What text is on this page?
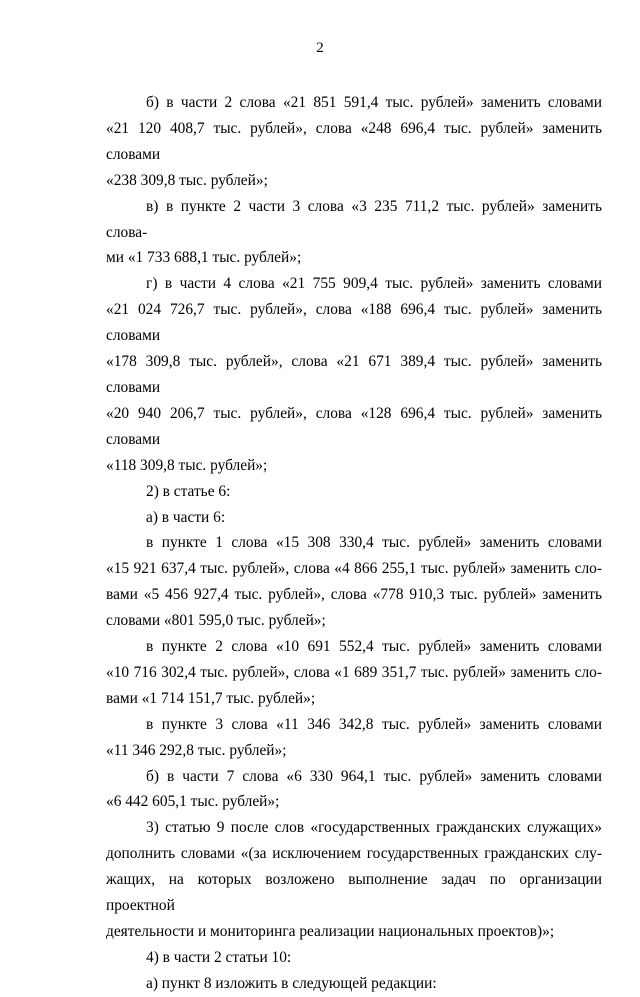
2

б) в части 2 слова «21 851 591,4 тыс. рублей» заменить словами
«21 120 408,7 тыс. рублей», слова «248 696,4 тыс. рублей» заменить словами
«238 309,8 тыс. рублей»;

в) в пункте 2 части 3 слова «3 235 711,2 тыс. рублей» заменить слова-
ми «1 733 688,1 тыс. рублей»;

г) в части 4 слова «21 755 909,4 тыс. рублей» заменить словами
«21 024 726,7 тыс. рублей», слова «188 696,4 тыс. рублей» заменить словами
«178 309,8 тыс. рублей», слова «21 671 389,4 тыс. рублей» заменить словами
«20 940 206,7 тыс. рублей», слова «128 696,4 тыс. рублей» заменить словами
«118 309,8 тыс. рублей»;

2) в статье 6:

а) в части 6:

в пункте 1 слова «15 308 330,4 тыс. рублей» заменить словами
«15 921 637,4 тыс. рублей», слова «4 866 255,1 тыс. рублей» заменить сло-
вами «5 456 927,4 тыс. рублей», слова «778 910,3 тыс. рублей» заменить
словами «801 595,0 тыс. рублей»;

в пункте 2 слова «10 691 552,4 тыс. рублей» заменить словами
«10 716 302,4 тыс. рублей», слова «1 689 351,7 тыс. рублей» заменить сло-
вами «1 714 151,7 тыс. рублей»;

в пункте 3 слова «11 346 342,8 тыс. рублей» заменить словами
«11 346 292,8 тыс. рублей»;

б) в части 7 слова «6 330 964,1 тыс. рублей» заменить словами
«6 442 605,1 тыс. рублей»;

3) статью 9 после слов «государственных гражданских служащих»
дополнить словами «(за исключением государственных гражданских слу-
жащих, на которых возложено выполнение задач по организации проектной
деятельности и мониторинга реализации национальных проектов)»;

4) в части 2 статьи 10:

а) пункт 8 изложить в следующей редакции:
